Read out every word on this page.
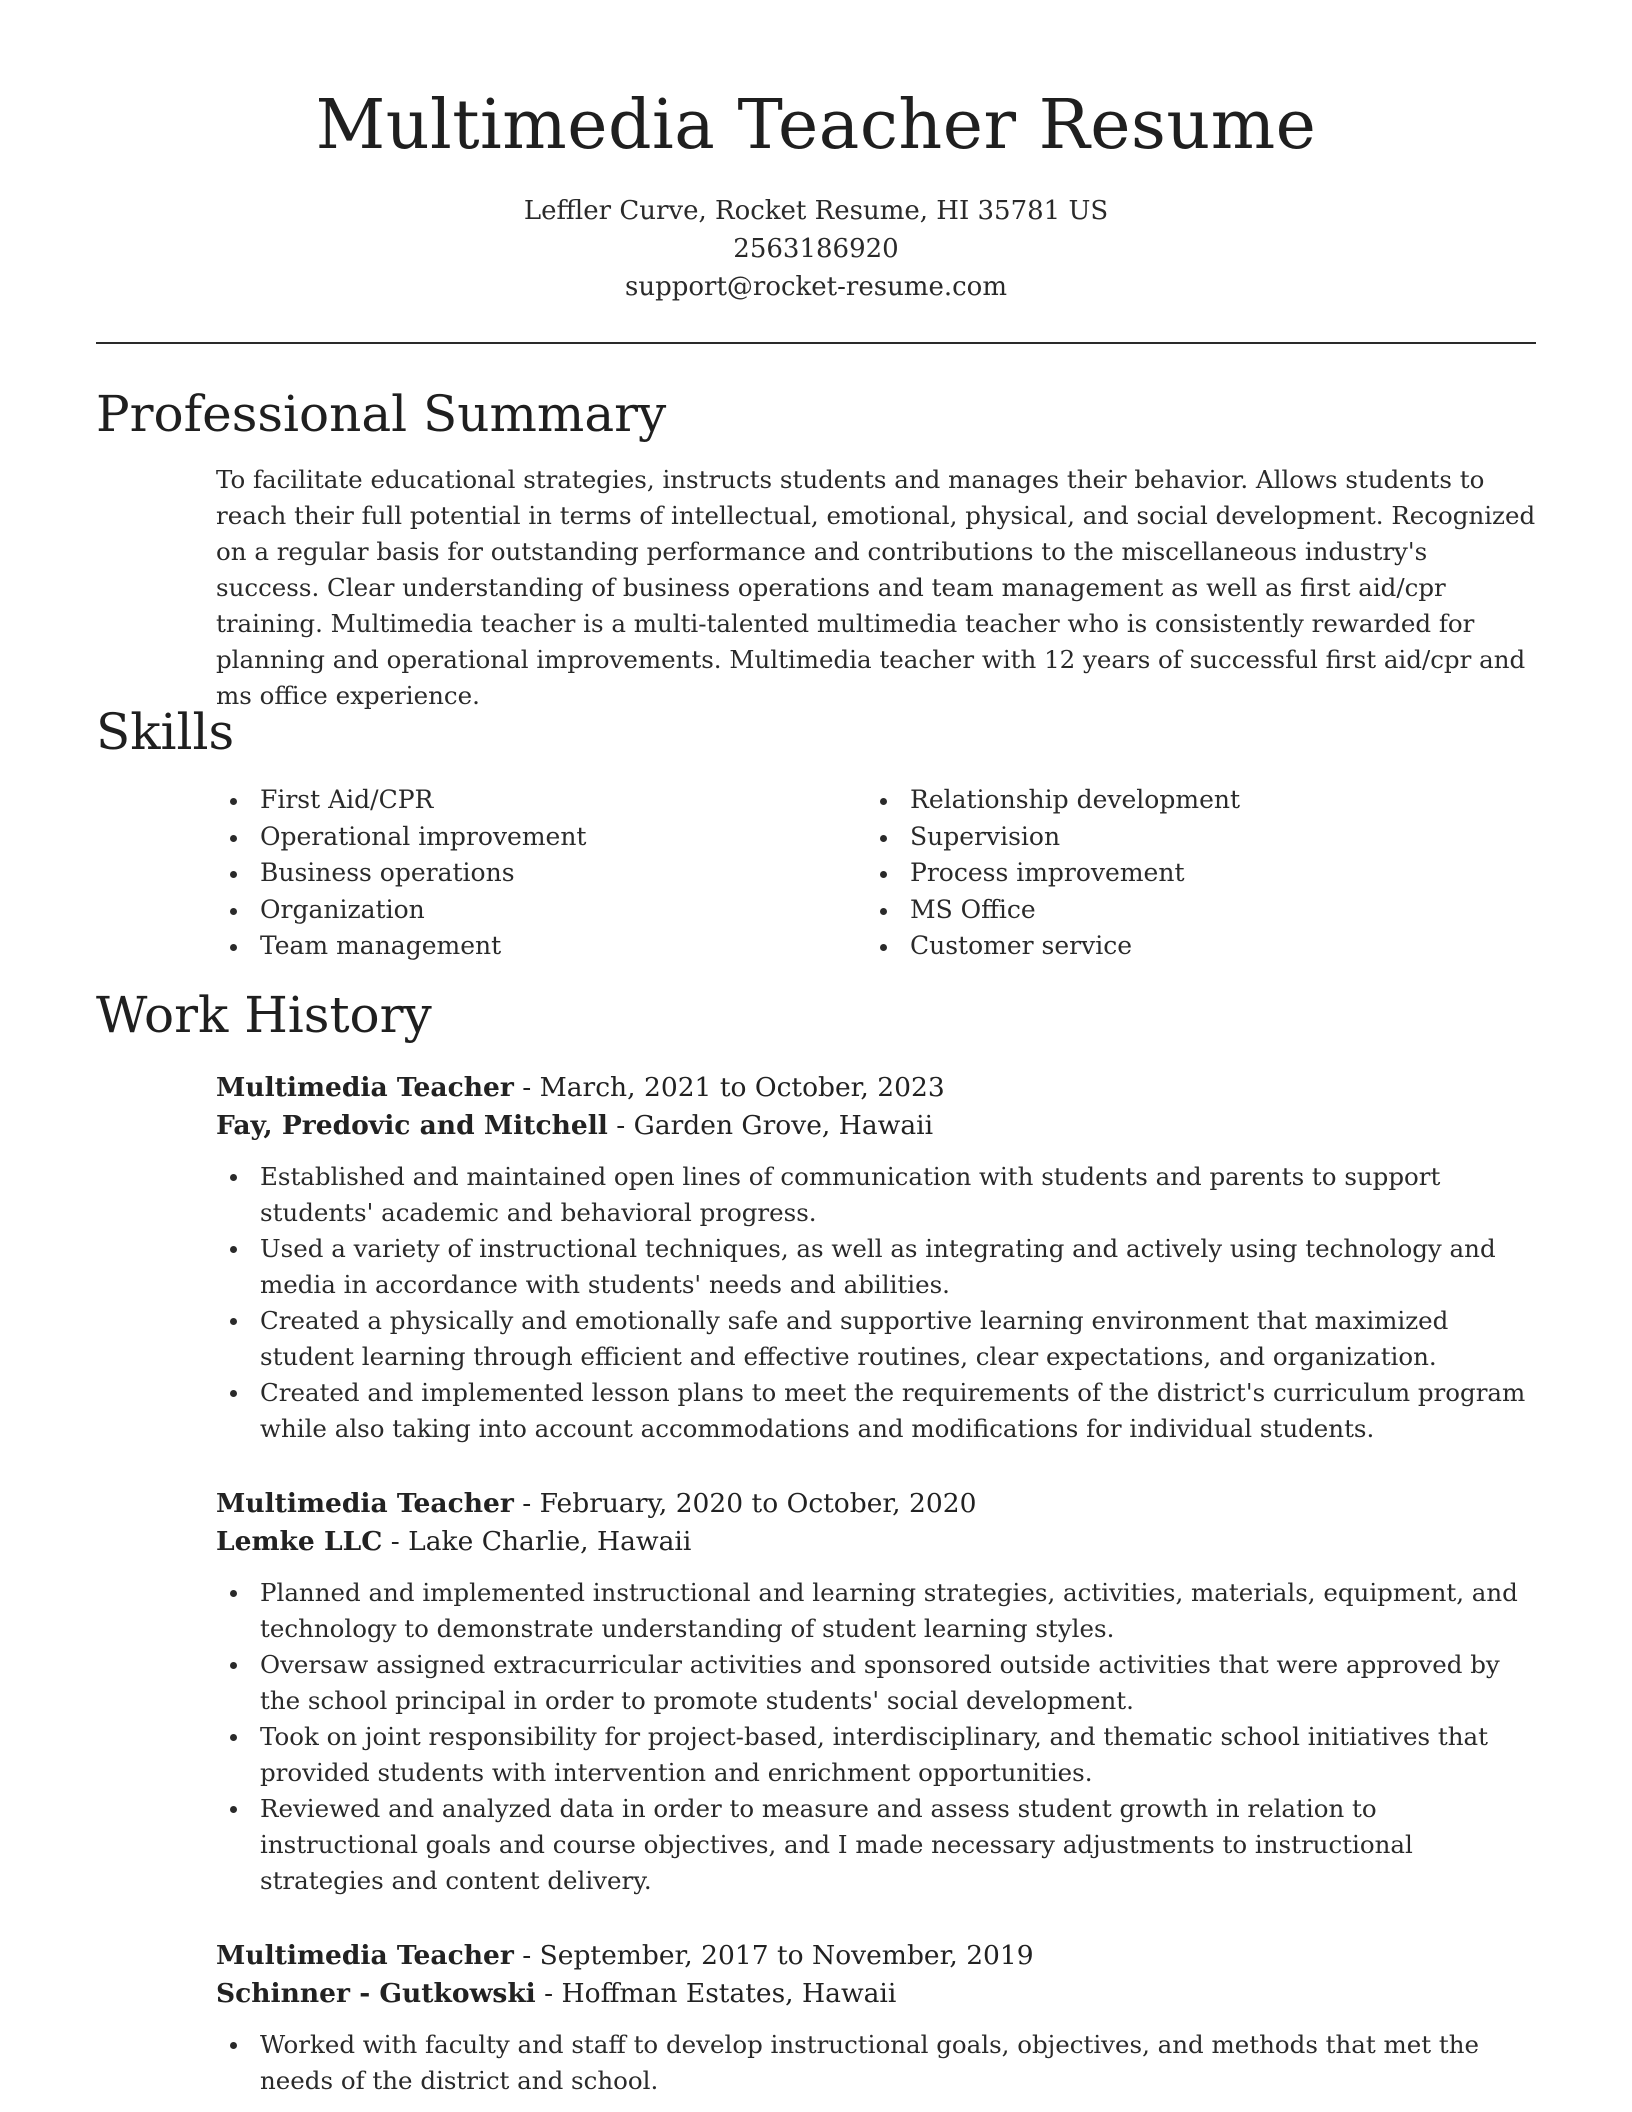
Multimedia Teacher Resume
Leffler Curve, Rocket Resume, HI 35781 US
2563186920
support@rocket-resume.com
Professional Summary

To facilitate educational strategies, instructs students and manages their behavior. Allows students to reach their full potential in terms of intellectual, emotional, physical, and social development. Recognized on a regular basis for outstanding performance and contributions to the miscellaneous industry's success. Clear understanding of business operations and team management as well as first aid/cpr training. Multimedia teacher is a multi-talented multimedia teacher who is consistently rewarded for planning and operational improvements. Multimedia teacher with 12 years of successful first aid/cpr and ms office experience.

Skills
First Aid/CPR
Operational improvement
Business operations
Organization
Team management
Relationship development
Supervision
Process improvement
MS Office
Customer service
Work History
Multimedia Teacher - March, 2021 to October, 2023
Fay, Predovic and Mitchell - Garden Grove, Hawaii
Established and maintained open lines of communication with students and parents to support students' academic and behavioral progress.
Used a variety of instructional techniques, as well as integrating and actively using technology and media in accordance with students' needs and abilities.
Created a physically and emotionally safe and supportive learning environment that maximized student learning through efficient and effective routines, clear expectations, and organization.
Created and implemented lesson plans to meet the requirements of the district's curriculum program while also taking into account accommodations and modifications for individual students.
Multimedia Teacher - February, 2020 to October, 2020
Lemke LLC - Lake Charlie, Hawaii
Planned and implemented instructional and learning strategies, activities, materials, equipment, and technology to demonstrate understanding of student learning styles.
Oversaw assigned extracurricular activities and sponsored outside activities that were approved by the school principal in order to promote students' social development.
Took on joint responsibility for project-based, interdisciplinary, and thematic school initiatives that provided students with intervention and enrichment opportunities.
Reviewed and analyzed data in order to measure and assess student growth in relation to instructional goals and course objectives, and I made necessary adjustments to instructional strategies and content delivery.
Multimedia Teacher - September, 2017 to November, 2019
Schinner - Gutkowski - Hoffman Estates, Hawaii
Worked with faculty and staff to develop instructional goals, objectives, and methods that met the needs of the district and school.
